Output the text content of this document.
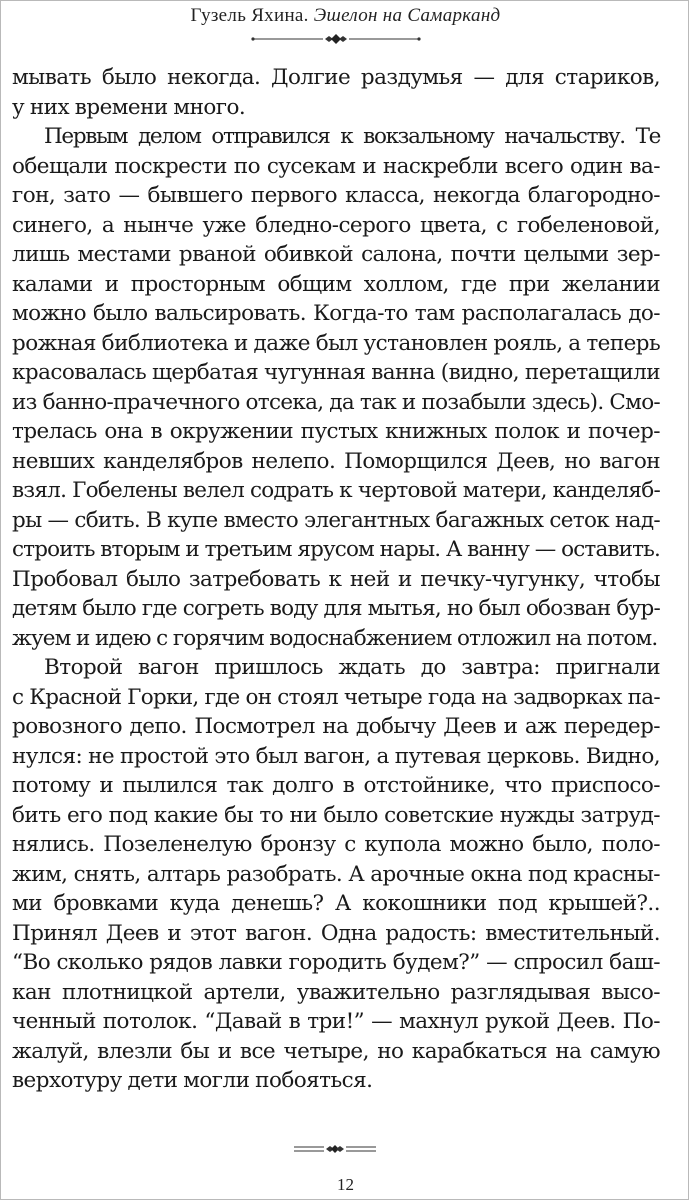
Гузель Яхина. Эшелон на Самарканд
мывать было некогда. Долгие раздумья — для стариков,
у них времени много.
Первым делом отправился к вокзальному начальству. Те
обещали поскрести по сусекам и наскребли всего один ва-
гон, зато — бывшего первого класса, некогда благородно-
синего, а нынче уже бледно-серого цвета, с гобеленовой,
лишь местами рваной обивкой салона, почти целыми зер-
калами и просторным общим холлом, где при желании
можно было вальсировать. Когда-то там располагалась до-
рожная библиотека и даже был установлен рояль, а теперь
красовалась щербатая чугунная ванна (видно, перетащили
из банно-прачечного отсека, да так и позабыли здесь). Смо-
трелась она в окружении пустых книжных полок и почер-
невших канделябров нелепо. Поморщился Деев, но вагон
взял. Гобелены велел содрать к чертовой матери, канделяб-
ры — сбить. В купе вместо элегантных багажных сеток над-
строить вторым и третьим ярусом нары. А ванну — оставить.
Пробовал было затребовать к ней и печку-чугунку, чтобы
детям было где согреть воду для мытья, но был обозван бур-
жуем и идею с горячим водоснабжением отложил на потом.
Второй вагон пришлось ждать до завтра: пригнали
с Красной Горки, где он стоял четыре года на задворках па-
ровозного депо. Посмотрел на добычу Деев и аж передер-
нулся: не простой это был вагон, а путевая церковь. Видно,
потому и пылился так долго в отстойнике, что приспосо-
бить его под какие бы то ни было советские нужды затруд-
нялись. Позеленелую бронзу с купола можно было, поло-
жим, снять, алтарь разобрать. А арочные окна под красны-
ми бровками куда денешь? А кокошники под крышей?..
Принял Деев и этот вагон. Одна радость: вместительный.
“Во сколько рядов лавки городить будем?” — спросил баш-
кан плотницкой артели, уважительно разглядывая высо-
ченный потолок. “Давай в три!” — махнул рукой Деев. По-
жалуй, влезли бы и все четыре, но карабкаться на самую
верхотуру дети могли побояться.
12
